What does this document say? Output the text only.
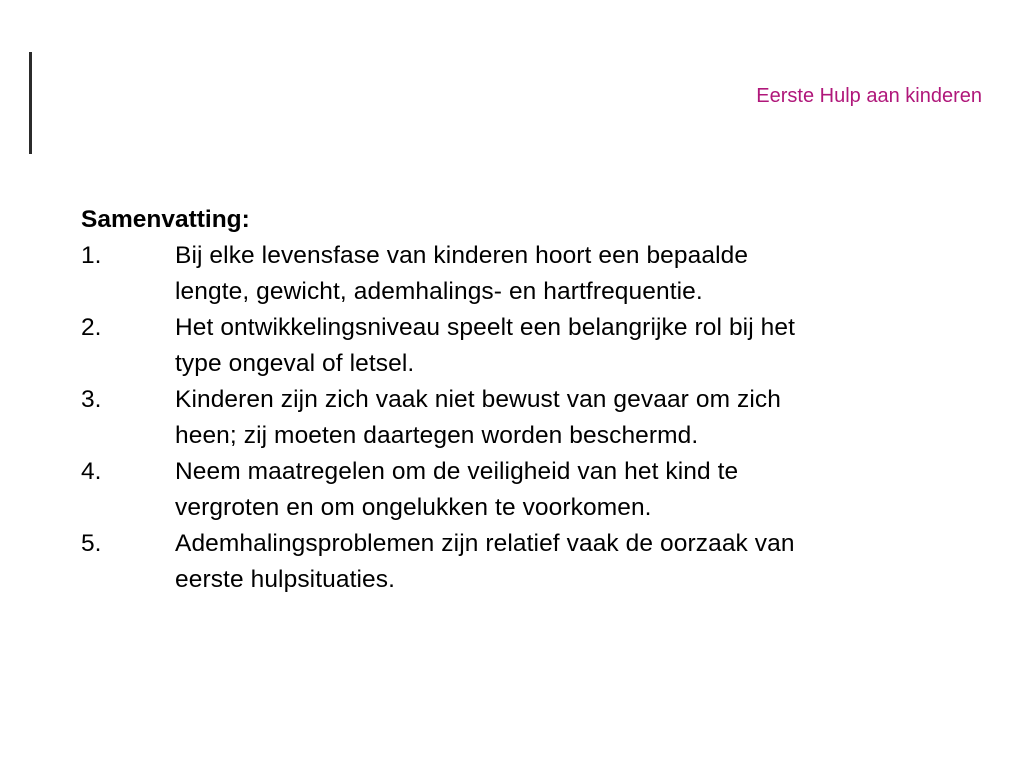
Eerste Hulp aan kinderen
Samenvatting:
1.	Bij elke levensfase van kinderen hoort een bepaalde
lengte, gewicht, ademhalings- en hartfrequentie.
2.	Het ontwikkelingsniveau speelt een belangrijke rol bij het
type ongeval of letsel.
3.	Kinderen zijn zich vaak niet bewust van gevaar om zich
heen; zij moeten daartegen worden beschermd.
4.	Neem maatregelen om de veiligheid van het kind te
vergroten en om ongelukken te voorkomen.
5.	Ademhalingsproblemen zijn relatief vaak de oorzaak van
eerste hulpsituaties.
